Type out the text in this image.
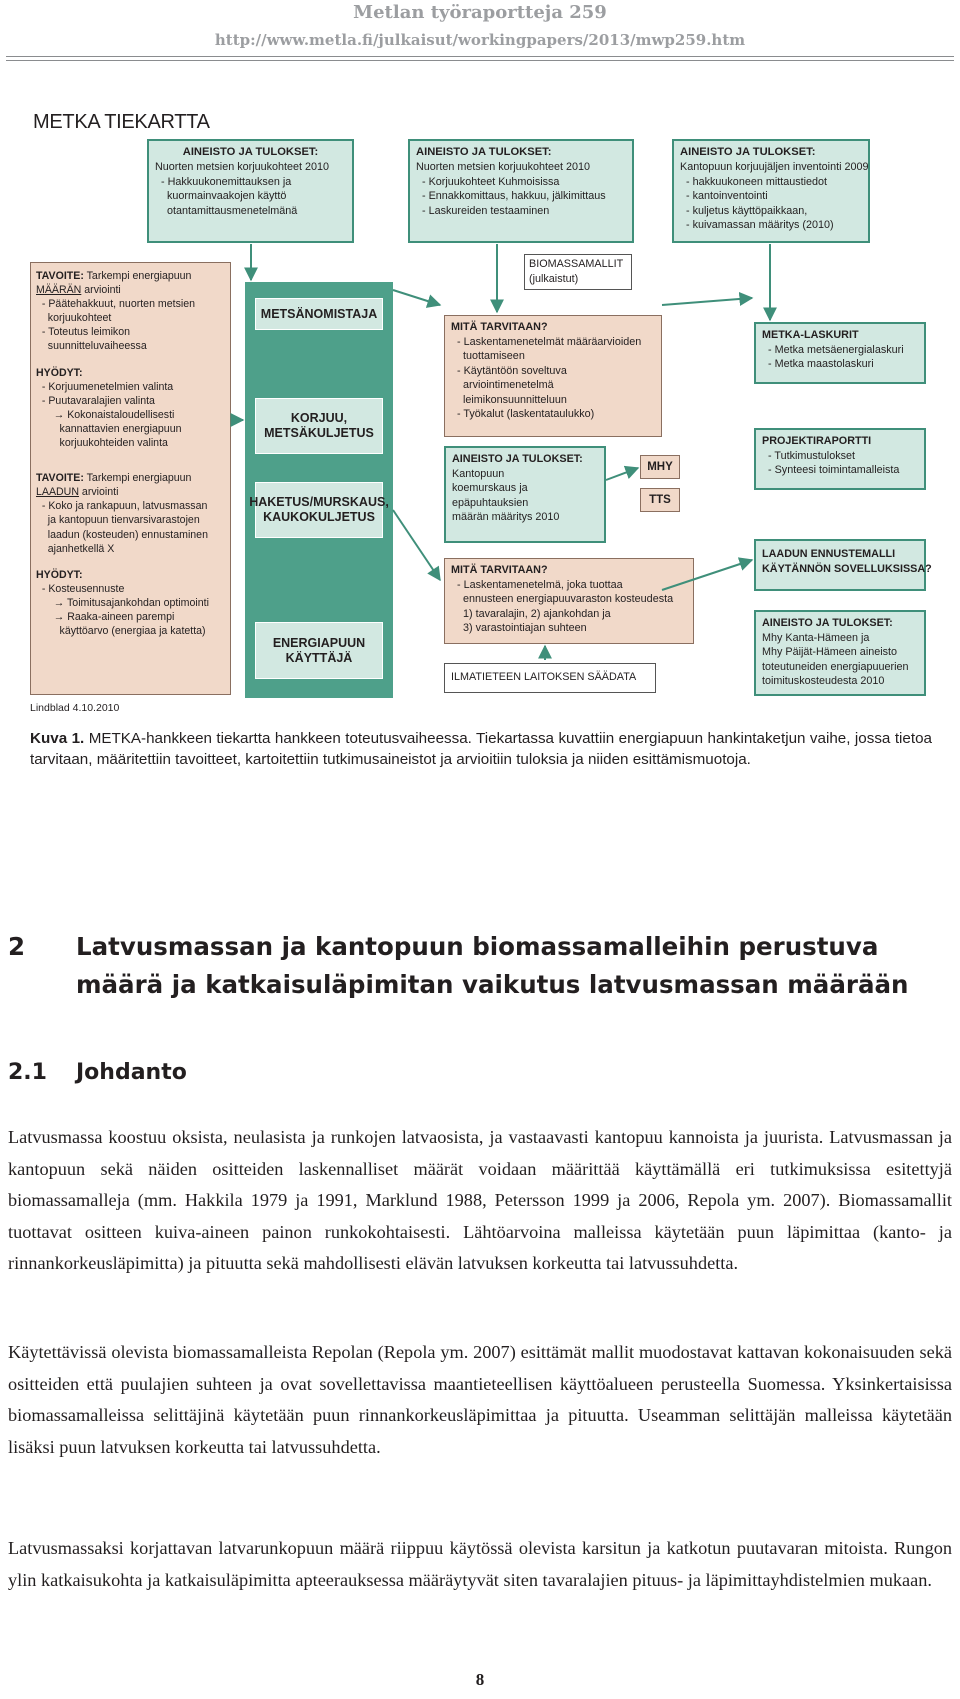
Metlan työraportteja 259
http://www.metla.fi/julkaisut/workingpapers/2013/mwp259.htm
METKA TIEKARTTA
AINEISTO JA TULOKSET:
Nuorten metsien korjuukohteet 2010
- Hakkuukonemittauksen ja
kuormainvaakojen käyttö
otantamittausmenetelmänä
AINEISTO JA TULOKSET:
Nuorten metsien korjuukohteet 2010
- Korjuukohteet Kuhmoisissa
- Ennakkomittaus, hakkuu, jälkimittaus
- Laskureiden testaaminen
AINEISTO JA TULOKSET:
Kantopuun korjuujäljen inventointi 2009
- hakkuukoneen mittaustiedot
- kantoinventointi
- kuljetus käyttöpaikkaan,
- kuivamassan määritys (2010)
TAVOITE: Tarkempi energiapuun
MÄÄRÄN arviointi
- Päätehakkuut, nuorten metsien
korjuukohteet
- Toteutus leimikon
suunnitteluvaiheessa
HYÖDYT:
- Korjuumenetelmien valinta
- Puutavaralajien valinta
→ Kokonaistaloudellisesti
kannattavien energiapuun
korjuukohteiden valinta
TAVOITE: Tarkempi energiapuun
LAADUN arviointi
- Koko ja rankapuun, latvusmassan
ja kantopuun tienvarsivarastojen
laadun (kosteuden) ennustaminen
ajanhetkellä X
HYÖDYT:
- Kosteusennuste
→ Toimitusajankohdan optimointi
→ Raaka-aineen parempi
käyttöarvo (energiaa ja katetta)
METSÄNOMISTAJA
KORJUU,
METSÄKULJETUS
HAKETUS/MURSKAUS,
KAUKOKULJETUS
ENERGIAPUUN
KÄYTTÄJÄ
BIOMASSAMALLIT
(julkaistut)
MITÄ TARVITAAN?
- Laskentamenetelmät määräarvioiden
tuottamiseen
- Käytäntöön soveltuva
arviointimenetelmä
leimikonsuunnitteluun
- Työkalut (laskentataulukko)
AINEISTO JA TULOKSET:
Kantopuun
koemurskaus ja
epäpuhtauksien
määrän määritys 2010
MHY
TTS
MITÄ TARVITAAN?
- Laskentamenetelmä, joka tuottaa
ennusteen energiapuuvaraston kosteudesta
1) tavaralajin, 2) ajankohdan ja
3) varastointiajan suhteen
ILMATIETEEN LAITOKSEN SÄÄDATA
METKA-LASKURIT
- Metka metsäenergialaskuri
- Metka maastolaskuri
PROJEKTIRAPORTTI
- Tutkimustulokset
- Synteesi toimintamalleista
LAADUN ENNUSTEMALLI
KÄYTÄNNÖN SOVELLUKSISSA?
AINEISTO JA TULOKSET:
Mhy Kanta-Hämeen ja
Mhy Päijät-Hämeen aineisto
toteutuneiden energiapuuerien
toimituskosteudesta 2010
Lindblad 4.10.2010
Kuva 1. METKA-hankkeen tiekartta hankkeen toteutusvaiheessa. Tiekartassa kuvattiin energiapuun hankintaketjun vaihe, jossa tietoa tarvitaan, määritettiin tavoitteet, kartoitettiin tutkimusaineistot ja arvioitiin tuloksia ja niiden esittämismuotoja.
2 Latvusmassan ja kantopuun biomassamalleihin perustuva määrä ja katkaisuläpimitan vaikutus latvusmassan määrään
2.1 Johdanto
Latvusmassa koostuu oksista, neulasista ja runkojen latvaosista, ja vastaavasti kantopuu kannoista ja juurista. Latvusmassan ja kantopuun sekä näiden ositteiden laskennalliset määrät voidaan määrittää käyttämällä eri tutkimuksissa esitettyjä biomassamalleja (mm. Hakkila 1979 ja 1991, Marklund 1988, Petersson 1999 ja 2006, Repola ym. 2007). Biomassamallit tuottavat ositteen kuiva-aineen painon runkokohtaisesti. Lähtöarvoina malleissa käytetään puun läpimittaa (kanto- ja rinnankorkeusläpimitta) ja pituutta sekä mahdollisesti elävän latvuksen korkeutta tai latvussuhdetta.
Käytettävissä olevista biomassamalleista Repolan (Repola ym. 2007) esittämät mallit muodostavat kattavan kokonaisuuden sekä ositteiden että puulajien suhteen ja ovat sovellettavissa maantieteellisen käyttöalueen perusteella Suomessa. Yksinkertaisissa biomassamalleissa selittäjinä käytetään puun rinnankorkeusläpimittaa ja pituutta. Useamman selittäjän malleissa käytetään lisäksi puun latvuksen korkeutta tai latvussuhdetta.
Latvusmassaksi korjattavan latvarunkopuun määrä riippuu käytössä olevista karsitun ja katkotun puutavaran mitoista. Rungon ylin katkaisukohta ja katkaisuläpimitta apteerauksessa määräytyvät siten tavaralajien pituus- ja läpimittayhdistelmien mukaan.
8
